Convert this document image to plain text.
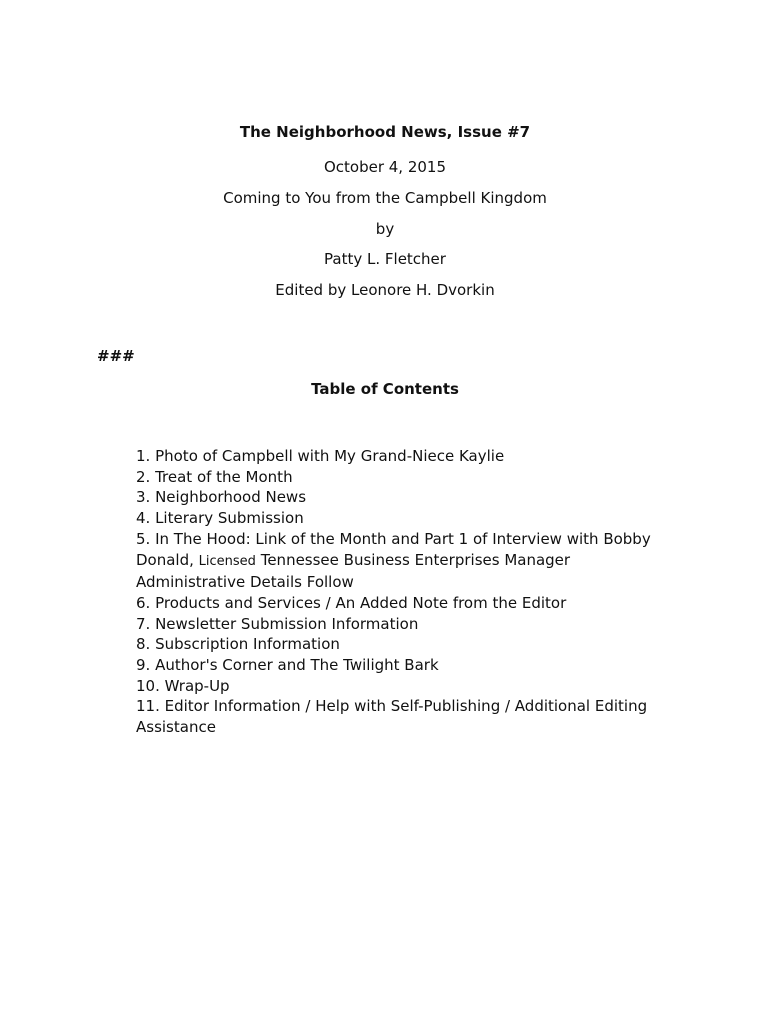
The Neighborhood News, Issue #7
October 4, 2015
Coming to You from the Campbell Kingdom
by
Patty L. Fletcher
Edited by Leonore H. Dvorkin
###
Table of Contents
1. Photo of Campbell with My Grand-Niece Kaylie
2. Treat of the Month
3. Neighborhood News
4. Literary Submission
5. In The Hood: Link of the Month and Part 1 of Interview with Bobby Donald, Licensed Tennessee Business Enterprises Manager Administrative Details Follow
6. Products and Services / An Added Note from the Editor
7. Newsletter Submission Information
8. Subscription Information
9. Author's Corner and The Twilight Bark
10. Wrap-Up
11. Editor Information / Help with Self-Publishing / Additional Editing Assistance
